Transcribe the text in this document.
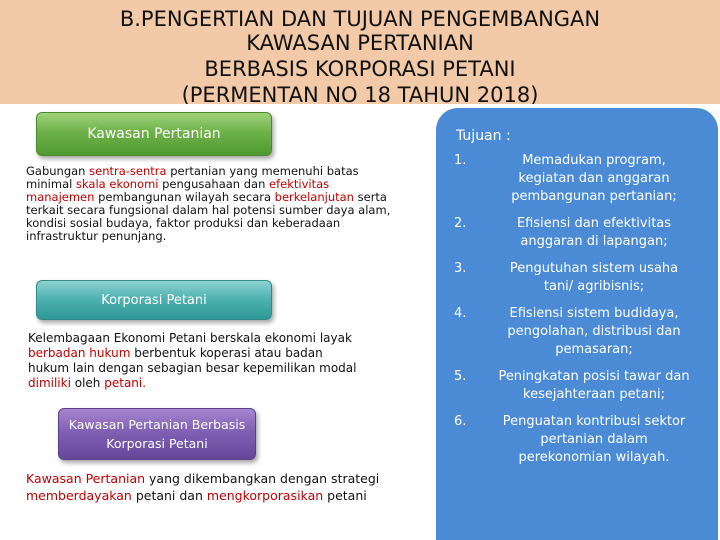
B.PENGERTIAN DAN TUJUAN PENGEMBANGAN
KAWASAN PERTANIAN
BERBASIS KORPORASI PETANI
(PERMENTAN NO 18 TAHUN 2018)
Tujuan :
1.	Memadukan program,
kegiatan dan anggaran
pembangunan pertanian;
2.	Efisiensi dan efektivitas
anggaran di lapangan;
3.	Pengutuhan sistem usaha
tani/ agribisnis;
4.	Efisiensi sistem budidaya,
pengolahan, distribusi dan
pemasaran;
5.	Peningkatan posisi tawar dan
kesejahteraan petani;
6.	Penguatan kontribusi sektor
pertanian dalam
perekonomian wilayah.
Kawasan Pertanian
Gabungan sentra-sentra pertanian yang memenuhi batas
minimal skala ekonomi pengusahaan dan efektivitas
manajemen pembangunan wilayah secara berkelanjutan serta
terkait secara fungsional dalam hal potensi sumber daya alam,
kondisi sosial budaya, faktor produksi dan keberadaan
infrastruktur penunjang.
Korporasi Petani
Kelembagaan Ekonomi Petani berskala ekonomi layak
berbadan hukum berbentuk koperasi atau badan
hukum lain dengan sebagian besar kepemilikan modal
dimiliki oleh petani.
Kawasan Pertanian Berbasis
Korporasi Petani
Kawasan Pertanian yang dikembangkan dengan strategi
memberdayakan petani dan mengkorporasikan petani
